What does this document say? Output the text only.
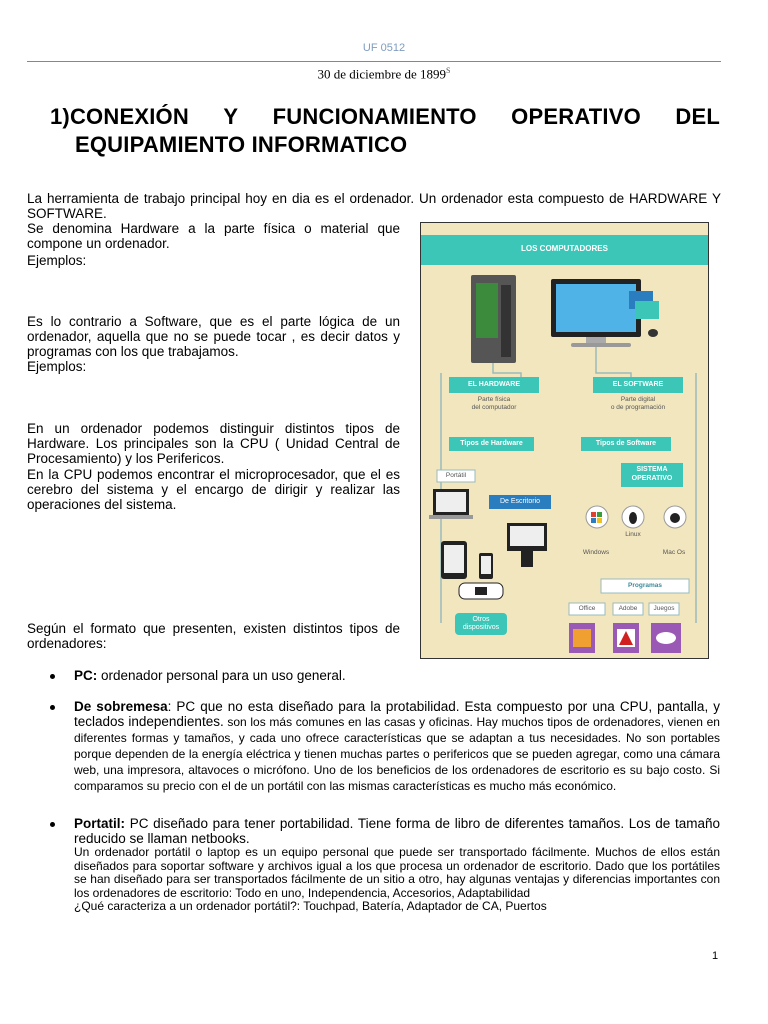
UF 0512
30 de diciembre de $1899^S$
1)CONEXIÓN Y FUNCIONAMIENTO OPERATIVO DEL
EQUIPAMIENTO INFORMATICO
La herramienta de trabajo principal hoy en dia es el ordenador. Un ordenador esta compuesto de HARDWARE Y SOFTWARE.
Se denomina Hardware a la parte física o material que compone un ordenador.
Ejemplos:
Es lo contrario a Software, que es el parte lógica de un ordenador, aquella que no se puede tocar , es decir datos y programas con los que trabajamos.
Ejemplos:
En un ordenador podemos distinguir distintos tipos de Hardware. Los principales son la CPU ( Unidad Central de Procesamiento) y los Perifericos.
En la CPU podemos encontrar el microprocesador, que el es cerebro del sistema y el encargo de dirigir y realizar las operaciones del sistema.
Según el formato que presenten, existen distintos tipos de ordenadores:
PC: ordenador personal para un uso general.
De sobremesa: PC que no esta diseñado para la protabilidad. Esta compuesto por una CPU, pantalla, y teclados independientes. son los más comunes en las casas y oficinas. Hay muchos tipos de ordenadores, vienen en diferentes formas y tamaños, y cada uno ofrece características que se adaptan a tus necesidades. No son portables porque dependen de la energía eléctrica y tienen muchas partes o perifericos que se pueden agregar, como una cámara web, una impresora, altavoces o micrófono. Uno de los beneficios de los ordenadores de escritorio es su bajo costo. Si comparamos su precio con el de un portátil con las mismas características es mucho más económico.
Portatil: PC diseñado para tener portabilidad. Tiene forma de libro de diferentes tamaños. Los de tamaño reducido se llaman netbooks.
Un ordenador portátil o laptop es un equipo personal que puede ser transportado fácilmente. Muchos de ellos están diseñados para soportar software y archivos igual a los que procesa un ordenador de escritorio. Dado que los portátiles se han diseñado para ser transportados fácilmente de un sitio a otro, hay algunas ventajas y diferencias importantes con los ordenadores de escritorio: Todo en uno, Independencia, Accesorios, Adaptabilidad
¿Qué caracteriza a un ordenador portátil?: Touchpad, Batería, Adaptador de CA, Puertos
LOS COMPUTADORES
EL HARDWARE	EL SOFTWARE
Parte física
del computador
Parte digital
o de programación
Tipos de Hardware	Tipos de Software
Portátil
De Escritorio
SISTEMA
OPERATIVO
Linux
Windows	Mac Os
Programas
Office	Adobe	Juegos
Otros
dispositivos
1
